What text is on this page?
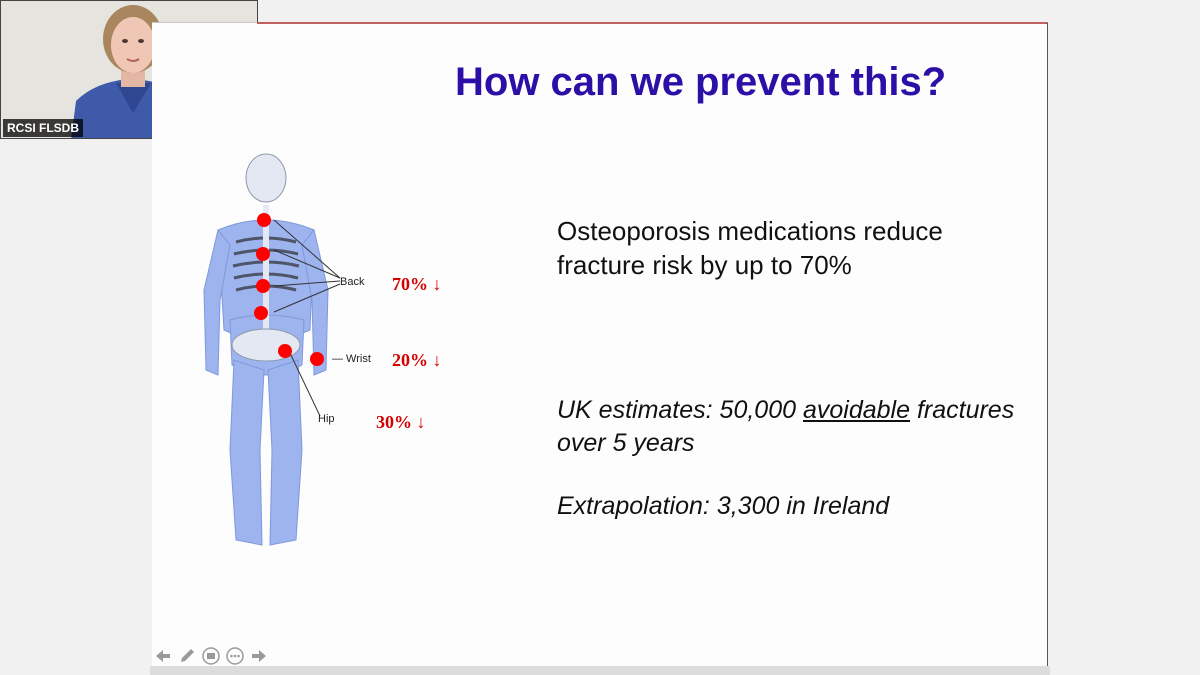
RCSI FLSDB
How can we prevent this?
Back
— Wrist
Hip
70% ↓
20% ↓
30% ↓
Osteoporosis medications reduce fracture risk by up to 70%
UK estimates: 50,000 avoidable fractures over 5 years
Extrapolation: 3,300 in Ireland
